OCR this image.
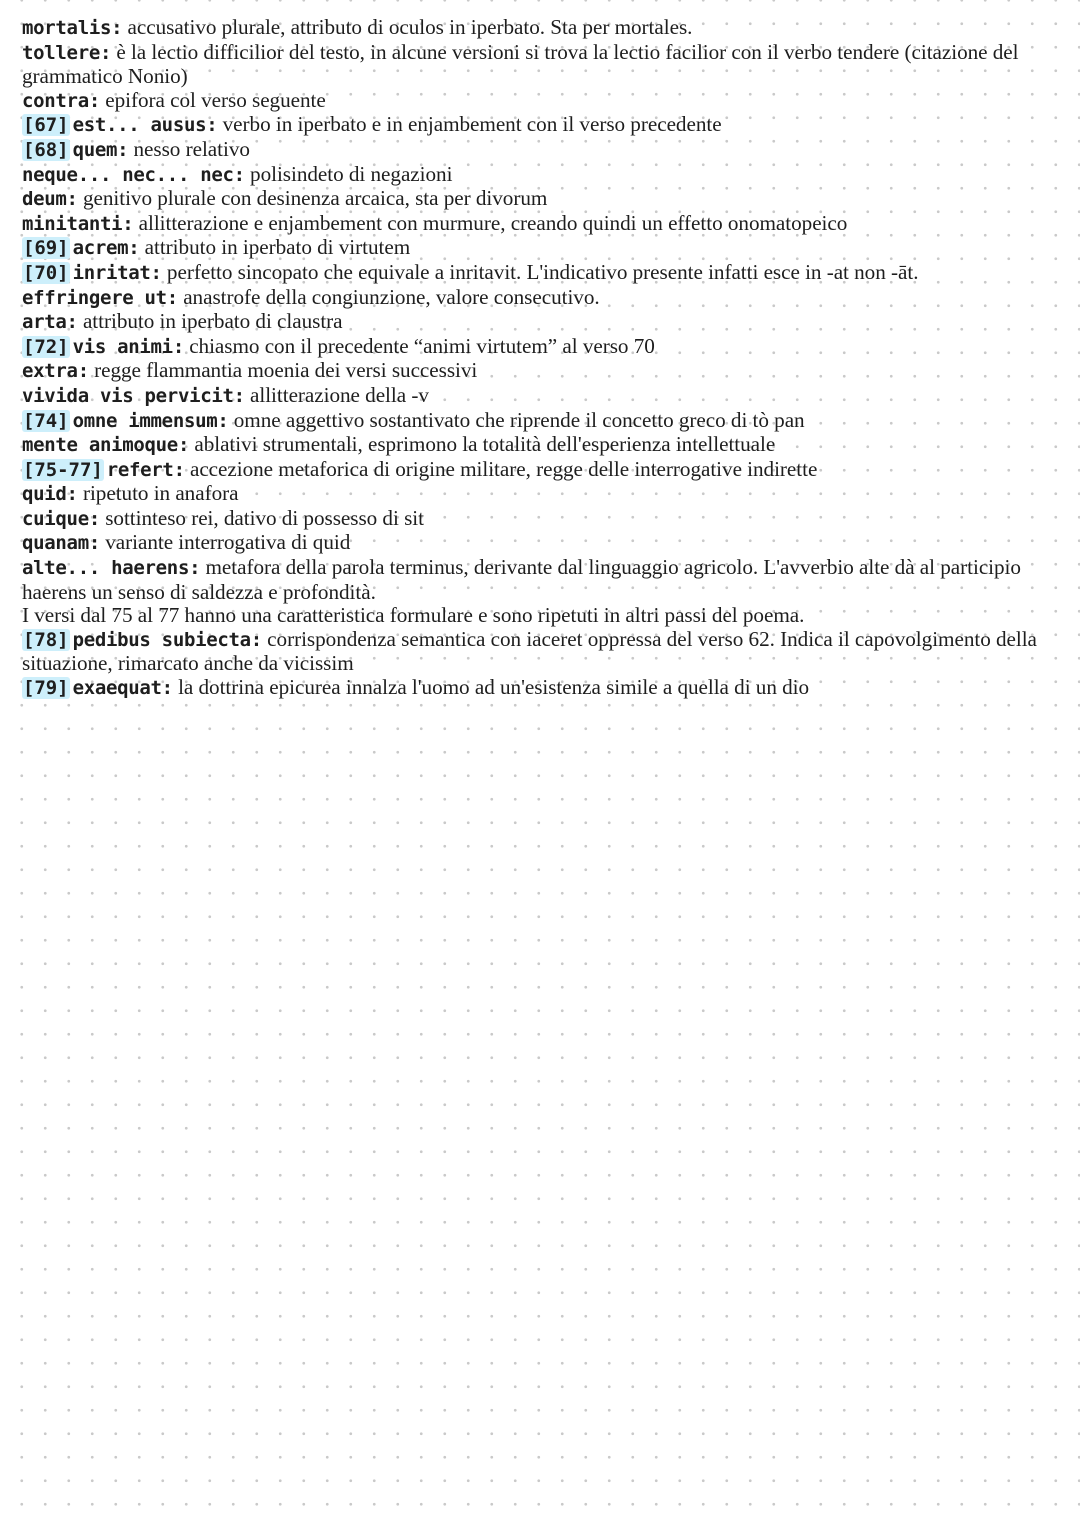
mortalis: accusativo plurale, attributo di oculos in iperbato. Sta per mortales.

tollere: è la lectio difficilior del testo, in alcune versioni si trova la lectio facilior con il verbo tendere (citazione del grammatico Nonio)

contra: epifora col verso seguente

[67] est... ausus: verbo in iperbato e in enjambement con il verso precedente

[68] quem: nesso relativo

neque... nec... nec: polisindeto di negazioni

deum: genitivo plurale con desinenza arcaica, sta per divorum

minitanti: allitterazione e enjambement con murmure, creando quindi un effetto onomatopeico

[69] acrem: attributo in iperbato di virtutem

[70] inritat: perfetto sincopato che equivale a inritavit. L'indicativo presente infatti esce in -at non -āt.

effringere ut: anastrofe della congiunzione, valore consecutivo.

arta: attributo in iperbato di claustra

[72] vis animi: chiasmo con il precedente “animi virtutem” al verso 70

extra: regge flammantia moenia dei versi successivi

vivida vis pervicit: allitterazione della -v

[74] omne immensum: omne aggettivo sostantivato che riprende il concetto greco di tò pan

mente animoque: ablativi strumentali, esprimono la totalità dell'esperienza intellettuale

[75-77] refert: accezione metaforica di origine militare, regge delle interrogative indirette

quid: ripetuto in anafora

cuique: sottinteso rei, dativo di possesso di sit

quanam: variante interrogativa di quid

alte... haerens: metafora della parola terminus, derivante dal linguaggio agricolo. L'avverbio alte dà al participio haerens un senso di saldezza e profondità.

I versi dal 75 al 77 hanno una caratteristica formulare e sono ripetuti in altri passi del poema.

[78] pedibus subiecta: corrispondenza semantica con iaceret oppressa del verso 62. Indica il capovolgimento della situazione, rimarcato anche da vicissim

[79] exaequat: la dottrina epicurea innalza l'uomo ad un'esistenza simile a quella di un dio
